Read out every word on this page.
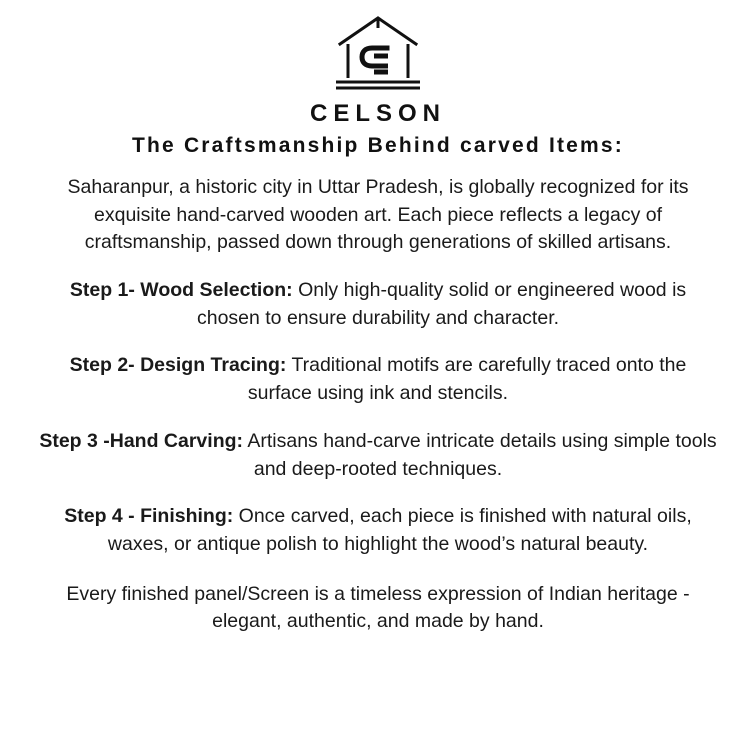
CELSON
The Craftsmanship Behind carved Items:
Saharanpur, a historic city in Uttar Pradesh, is globally recognized for its exquisite hand-carved wooden art. Each piece reflects a legacy of craftsmanship, passed down through generations of skilled artisans.
Step 1- Wood Selection: Only high-quality solid or engineered wood is chosen to ensure durability and character.
Step 2- Design Tracing: Traditional motifs are carefully traced onto the surface using ink and stencils.
Step 3 -Hand Carving: Artisans hand-carve intricate details using simple tools and deep-rooted techniques.
Step 4 - Finishing: Once carved, each piece is finished with natural oils, waxes, or antique polish to highlight the wood’s natural beauty.
Every finished panel/Screen is a timeless expression of Indian heritage - elegant, authentic, and made by hand.
